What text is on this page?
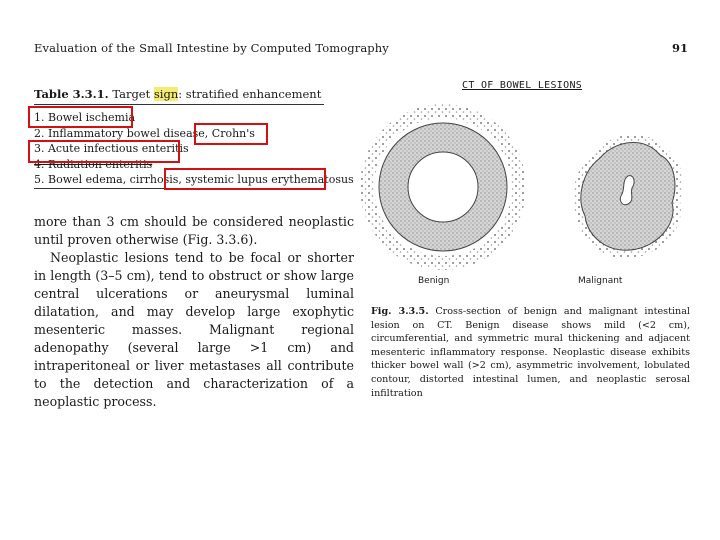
Evaluation of the Small Intestine by Computed Tomography	91
Table 3.3.1. Target sign: stratified enhancement
1. Bowel ischemia
2. Inflammatory bowel disease, Crohn's
3. Acute infectious enteritis
4. Radiation enteritis
5. Bowel edema, cirrhosis, systemic lupus erythematosus

more than 3 cm should be considered neoplastic until proven otherwise (Fig. 3.3.6).

Neoplastic lesions tend to be focal or shorter in length (3–5 cm), tend to obstruct or show large central ulcerations or aneurysmal luminal dilatation, and may develop large exophytic mesenteric masses. Malignant regional adenopathy (several large >1 cm) and intraperitoneal or liver metastases all contribute to the detection and characterization of a neoplastic process.

CT OF BOWEL LESIONS
Benign	Malignant
Fig. 3.3.5. Cross-section of benign and malignant intestinal lesion on CT. Benign disease shows mild (<2 cm), circumferential, and symmetric mural thickening and adjacent mesenteric inflammatory response. Neoplastic disease exhibits thicker bowel wall (>2 cm), asymmetric involvement, lobulated contour, distorted intestinal lumen, and neoplastic serosal infiltration
